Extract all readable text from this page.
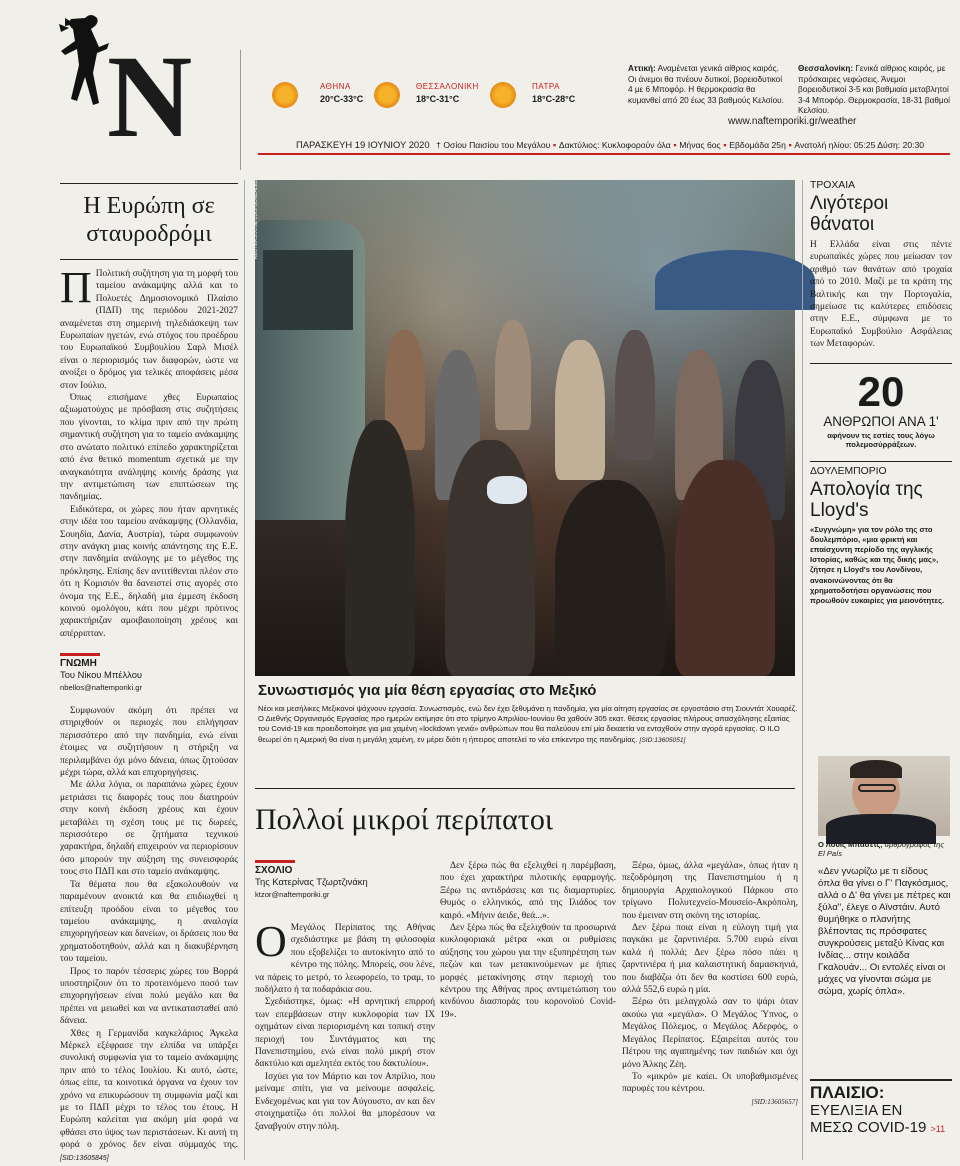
N	ΑΘΗΝΑ
20°C-33°C
ΘΕΣΣΑΛΟΝΙΚΗ
18°C-31°C
ΠΑΤΡΑ
18°C-28°C
Αττική: Αναμένεται γενικά αίθριος καιρός. Οι άνεμοι θα πνέουν δυτικοί, βορειοδυτικοί 4 με 6 Μποφόρ. Η θερμοκρασία θα κυμανθεί από 20 έως 33 βαθμούς Κελσίου.
Θεσσαλονίκη: Γενικά αίθριος καιρός, με πρόσκαιρες νεφώσεις. Άνεμοι βορειοδυτικοί 3-5 και βαθμιαία μεταβλητοί 3-4 Μποφόρ. Θερμοκρασία, 18-31 βαθμοί Κελσίου.
www.naftemporiki.gr/weather
ΠΑΡΑΣΚΕΥΗ 19 ΙΟΥΝΙΟΥ 2020 † Οσίου Παισίου του Μεγάλου ▪ Δακτύλιος: Κυκλοφορούν όλα ▪ Μήνας 6ος ▪ Εβδομάδα 25η ▪ Ανατολή ηλίου: 05:25 Δύση: 20:30
Η Ευρώπη σε σταυροδρόμι

Π Πολιτική συζήτηση για τη μορφή του ταμείου ανάκαμψης αλλά και το Πολυετές Δημοσιονομικό Πλαίσιο (ΠΔΠ) της περιόδου 2021-2027 αναμένεται στη σημερινή τηλεδιάσκεψη των Ευρωπαίων ηγετών, ενώ στόχος του προέδρου του Ευρωπαϊκού Συμβουλίου Σαρλ Μισέλ είναι ο περιορισμός των διαφορών, ώστε να ανοίξει ο δρόμος για τελικές αποφάσεις μέσα στον Ιούλιο.

Όπως επισήμανε χθες Ευρωπαίος αξιωματούχος με πρόσβαση στις συζητήσεις που γίνονται, το κλίμα πριν από την πρώτη σημαντική συζήτηση για το ταμείο ανάκαμψης στο ανώτατο πολιτικό επίπεδο χαρακτηρίζεται από ένα θετικό momentum σχετικά με την αναγκαιότητα ανάληψης κοινής δράσης για την αντιμετώπιση των επιπτώσεων της πανδημίας.

Ειδικότερα, οι χώρες που ήταν αρνητικές στην ιδέα του ταμείου ανάκαμψης (Ολλανδία, Σουηδία, Δανία, Αυστρία), τώρα συμφωνούν στην ανάγκη μιας κοινής απάντησης της Ε.Ε. στην πανδημία ανάλογης με το μέγεθος της πρόκλησης. Επίσης δεν αντιτίθενται πλέον στο ότι η Κομισιόν θα δανειστεί στις αγορές στο όνομα της Ε.Ε., δηλαδή μια έμμεση έκδοση κοινού ομολόγου, κάτι που μέχρι πρότινος χαρακτήριζαν αμοιβαιοποίηση χρέους και απέρριπταν.

ΓΝΩΜΗ
Του Νίκου Μπέλλου
nbellos@naftemporiki.gr

Συμφωνούν ακόμη ότι πρέπει να στηριχθούν οι περιοχές που επλήγησαν περισσότερο από την πανδημία, ενώ είναι έτοιμες να συζητήσουν η στήριξη να περιλαμβάνει όχι μόνο δάνεια, όπως ζητούσαν μέχρι τώρα, αλλά και επιχορηγήσεις.

Με άλλα λόγια, οι παραπάνω χώρες έχουν μετριάσει τις διαφορές τους που διατηρούν στην κοινή έκδοση χρέους και έχουν μεταβάλει τη σχέση τους με τις δωρεές, περισσότερο σε ζητήματα τεχνικού χαρακτήρα, δηλαδή επιχειρούν να περιορίσουν όσο μπορούν την αύξηση της συνεισφοράς τους στο ΠΔΠ και στο ταμείο ανάκαμψης.

Τα θέματα που θα εξακολουθούν να παραμένουν ανοικτά και θα επιδιωχθεί η επίτευξη προόδου είναι το μέγεθος του ταμείου ανάκαμψης, η αναλογία επιχορηγήσεων και δανείων, οι δράσεις που θα χρηματοδοτηθούν, αλλά και η διακυβέρνηση του ταμείου.

Προς το παρόν τέσσερις χώρες του Βορρά υποστηρίζουν ότι το προτεινόμενο ποσό των επιχορηγήσεων είναι πολύ μεγάλο και θα πρέπει να μειωθεί και να αντικατασταθεί από δάνεια.

Χθες η Γερμανίδα καγκελάριος Άγκελα Μέρκελ εξέφρασε την ελπίδα να υπάρξει συνολική συμφωνία για το ταμείο ανάκαμψης πριν από το τέλος Ιουλίου. Κι αυτό, ώστε, όπως είπε, τα κοινοτικά όργανα να έχουν τον χρόνο να επικυρώσουν τη συμφωνία μαζί και με το ΠΔΠ μέχρι το τέλος του έτους. Η Ευρώπη καλείται για ακόμη μία φορά να φθάσει στο ύψος των περιστάσεων. Κι αυτή τη φορά ο χρόνος δεν είναι σύμμαχός της. [SID:13605845]

REUTERS/JOSE LUIS GONZALEZ
Συνωστισμός για μία θέση εργασίας στο Μεξικό
Νέοι και μεσήλικες Μεξικανοί ψάχνουν εργασία. Συνωστισμός, ενώ δεν έχει ξεθυμάνει η πανδημία, για μία αίτηση εργασίας σε εργοστάσιο στη Σιουντάτ Χουαρέζ. Ο Διεθνής Οργανισμός Εργασίας προ ημερών εκτίμησε ότι στο τρίμηνο Απριλίου-Ιουνίου θα χαθούν 305 εκατ. θέσεις εργασίας πλήρους απασχόλησης εξαιτίας του Covid-19 και προειδοποίησε για μια χαμένη «lockdown γενιά» ανθρώπων που θα παλεύουν επί μία δεκαετία να ενταχθούν στην αγορά εργασίας. Ο ILO θεωρεί ότι η Αμερική θα είναι η μεγάλη χαμένη, εν μέρει διότι η ήπειρος αποτελεί το νέο επίκεντρο της πανδημίας. [SID:13605051]
Πολλοί μικροί περίπατοι
ΣΧΟΛΙΟ
Της Κατερίνας Τζωρτζινάκη
ktzor@naftemporiki.gr

Ο Μεγάλος Περίπατος της Αθήνας σχεδιάστηκε με βάση τη φιλοσοφία που εξοβελίζει το αυτοκίνητο από το κέντρο της πόλης. Μπορείς, σου λένε, να πάρεις το μετρό, το λεωφορείο, το τραμ, το ποδήλατο ή τα ποδαράκια σου.

Σχεδιάστηκε, όμως: «Η αρνητική επιρροή των επεμβάσεων στην κυκλοφορία των ΙΧ οχημάτων είναι περιορισμένη και τοπική στην περιοχή του Συντάγματος και της Πανεπιστημίου, ενώ είναι πολύ μικρή στον δακτύλιο και αμελητέα εκτός του δακτυλίου».

Ισχύει για τον Μάρτιο και τον Απρίλιο, που μείναμε σπίτι, για να μείνουμε ασφαλείς. Ενδεχομένως και για τον Αύγουστο, αν και δεν στοιχηματίζω ότι πολλοί θα μπορέσουν να ξαναβγούν στην πόλη.

Δεν ξέρω πώς θα εξελιχθεί η παρέμβαση, που έχει χαρακτήρα πιλοτικής εφαρμογής. Ξέρω τις αντιδράσεις και τις διαμαρτυρίες. Θυμός ο ελληνικός, από της Ιλιάδος τον καιρό. «Μήνιν άειδε, θεά...».

Δεν ξέρω πώς θα εξελιχθούν τα προσωρινά κυκλοφοριακά μέτρα «και οι ρυθμίσεις αύξησης του χώρου για την εξυπηρέτηση των πεζών και των μετακινούμενων με ήπιες μορφές μετακίνησης στην περιοχή του κέντρου της Αθήνας προς αντιμετώπιση του κινδύνου διασποράς του κορονοϊού Covid-19».

Ξέρω, όμως, άλλα «μεγάλα», όπως ήταν η πεζοδρόμηση της Πανεπιστημίου ή η δημιουργία Αρχαιολογικού Πάρκου στο τρίγωνο Πολυτεχνείο-Μουσείο-Ακρόπολη, που έμειναν στη σκόνη της ιστορίας.

Δεν ξέρω ποια είναι η εύλογη τιμή για παγκάκι με ζαρντινιέρα. 5.700 ευρώ είναι καλά ή πολλά; Δεν ξέρω πόσο πάει η ζαρντινιέρα ή μια καλαιστητική δαμασκηνιά, που διαβάζω ότι δεν θα κοστίσει 600 ευρώ, αλλά 552,6 ευρώ η μία.

Ξέρω ότι μελαγχολώ σαν το ψάρι όταν ακούω για «μεγάλα». Ο Μεγάλος Ύπνος, ο Μεγάλος Πόλεμος, ο Μεγάλος Αδερφός, ο Μεγάλος Περίπατος. Εξαιρείται αυτός του Πέτρου της αγαπημένης των παιδιών και όχι μόνο Άλκης Ζέη.

Το «μικρό» με καίει. Οι υποβαθμισμένες παρυφές του κέντρου.

[SID:13605657]
ΤΡΟΧΑΙΑ
Λιγότεροι θάνατοι
Η Ελλάδα είναι στις πέντε ευρωπαϊκές χώρες που μείωσαν τον αριθμό των θανάτων από τροχαία από το 2010. Μαζί με τα κράτη της Βαλτικής και την Πορτογαλία, σημείωσε τις καλύτερες επιδόσεις στην Ε.Ε., σύμφωνα με το Ευρωπαϊκό Συμβούλιο Ασφάλειας των Μεταφορών.
20
ΑΝΘΡΩΠΟΙ ΑΝΑ 1'
αφήνουν τις εστίες τους λόγω πολεμοσύρράξεων.
ΔΟΥΛΕΜΠΟΡΙΟ
Απολογία της Lloyd's
«Συγγνώμη» για τον ρόλο της στο δουλεμπόριο, «μια φρικτή και επαίσχυντη περίοδο της αγγλικής Ιστορίας, καθώς και της δικής μας», ζήτησε η Lloyd's του Λονδίνου, ανακοινώνοντας ότι θα χρηματοδοτήσει οργανώσεις που προωθούν ευκαιρίες για μειονότητες.
Ο Λουίς Μπασέτς, αρθρογράφος της El País
«Δεν γνωρίζω με τι είδους όπλα θα γίνει ο Γ' Παγκόσμιος, αλλά ο Δ' θα γίνει με πέτρες και ξύλα", έλεγε ο Αϊνστάιν. Αυτό θυμήθηκε ο πλανήτης βλέποντας τις πρόσφατες συγκρούσεις μεταξύ Κίνας και Ινδίας... στην κοιλάδα Γκαλουάν... Οι εντολές είναι οι μάχες να γίνονται σώμα με σώμα, χωρίς όπλα».
ΠΛΑΙΣΙΟ:
ΕΥΕΛΙΞΙΑ ΕΝ
ΜΕΣΩ COVID-19 >11
